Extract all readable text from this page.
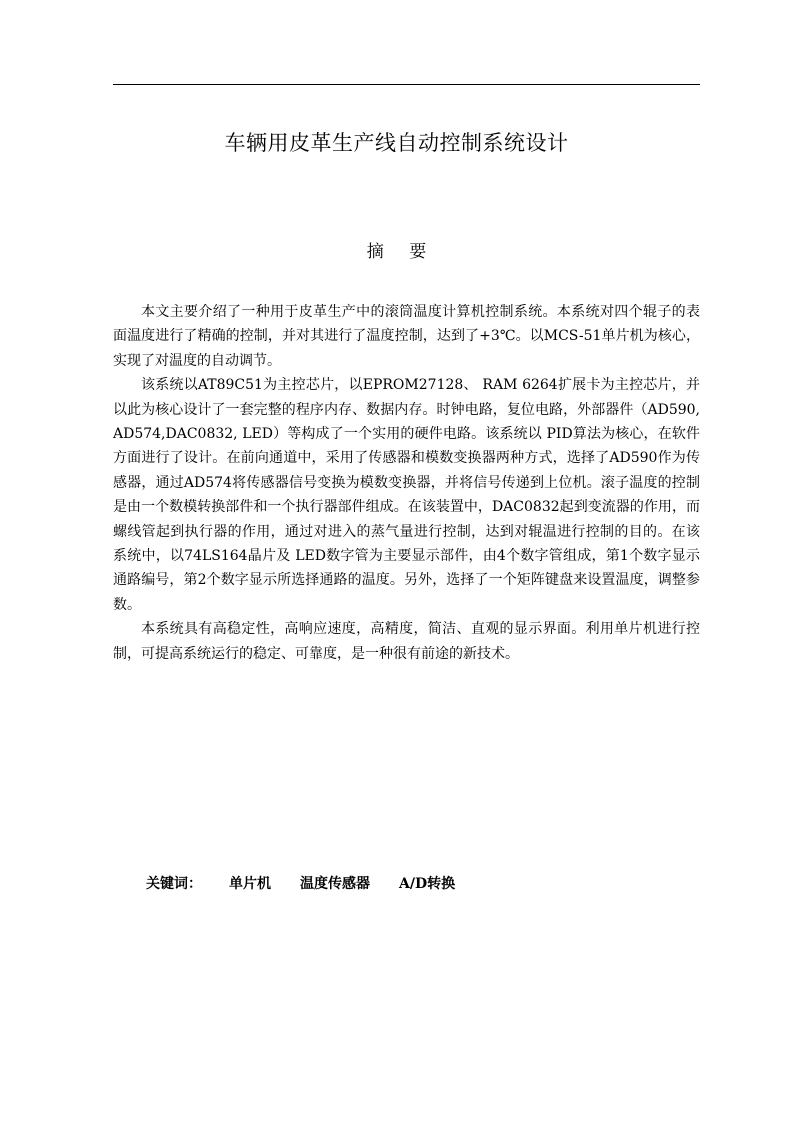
车辆用皮革生产线自动控制系统设计
摘 要

本文主要介绍了一种用于皮革生产中的滚筒温度计算机控制系统。本系统对四个辊子的表面温度进行了精确的控制，并对其进行了温度控制，达到了+3℃。以MCS-51单片机为核心，实现了对温度的自动调节。

该系统以AT89C51为主控芯片，以EPROM27128、 RAM 6264扩展卡为主控芯片，并以此为核心设计了一套完整的程序内存、数据内存。时钟电路，复位电路，外部器件（AD590,AD574,DAC0832, LED）等构成了一个实用的硬件电路。该系统以 PID算法为核心，在软件方面进行了设计。在前向通道中，采用了传感器和模数变换器两种方式，选择了AD590作为传感器，通过AD574将传感器信号变换为模数变换器，并将信号传递到上位机。滚子温度的控制是由一个数模转换部件和一个执行器部件组成。在该装置中，DAC0832起到变流器的作用，而螺线管起到执行器的作用，通过对进入的蒸气量进行控制，达到对辊温进行控制的目的。在该系统中，以74LS164晶片及 LED数字管为主要显示部件，由4个数字管组成，第1个数字显示通路编号，第2个数字显示所选择通路的温度。另外，选择了一个矩阵键盘来设置温度，调整参数。

本系统具有高稳定性，高响应速度，高精度，简洁、直观的显示界面。利用单片机进行控制，可提高系统运行的稳定、可靠度，是一种很有前途的新技术。

关键词： 单片机 温度传感器 A/D转换
